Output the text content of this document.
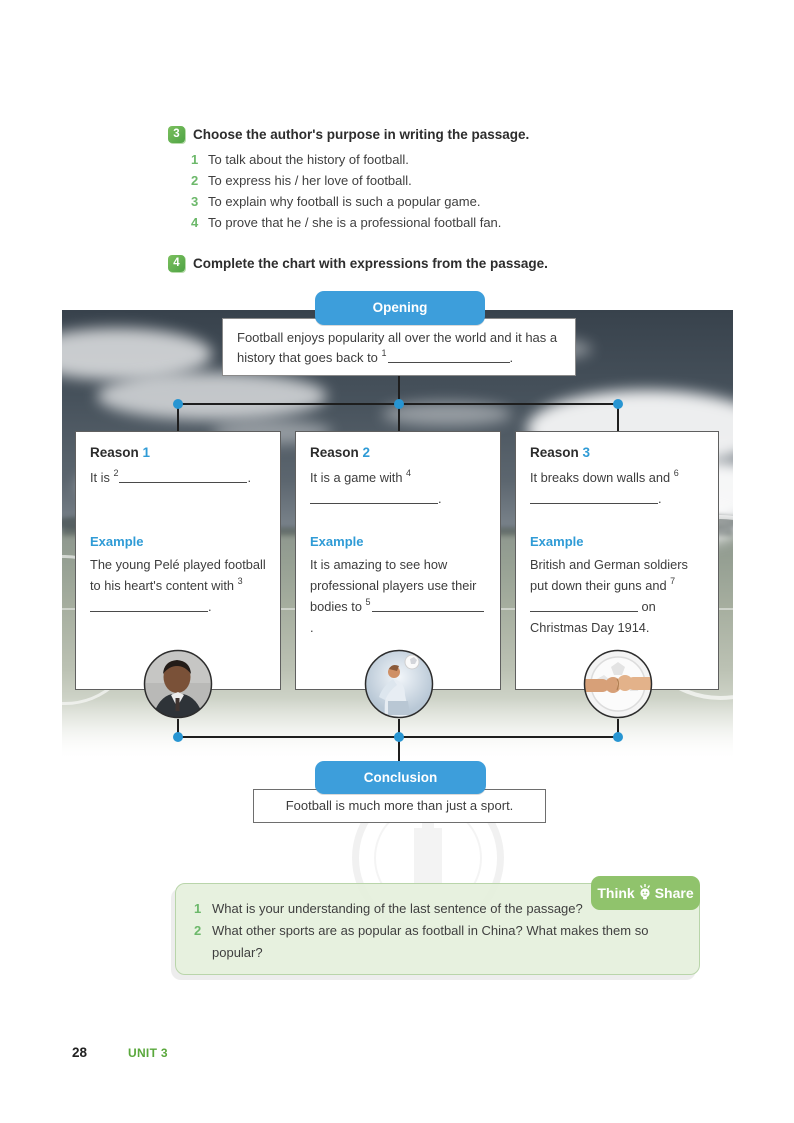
3 Choose the author's purpose in writing the passage.
1 To talk about the history of football.
2 To express his / her love of football.
3 To explain why football is such a popular game.
4 To prove that he / she is a professional football fan.
4 Complete the chart with expressions from the passage.
Opening
Football enjoys popularity all over the world and it has a history that goes back to $^1$	.
Reason 1
It is $^2$	.
Example
The young Pelé played football to his heart's content with $^3$.
Reason 2
It is a game with $^4$.
Example
It is amazing to see how professional players use their bodies to $^5$.
Reason 3
It breaks down walls and $^6$.
Example
British and German soldiers put down their guns and $^7$ on Christmas Day 1914.
Conclusion
Football is much more than just a sport.
Think Share
1 What is your understanding of the last sentence of the passage?
2 What other sports are as popular as football in China? What makes them so popular?
28	UNIT 3
